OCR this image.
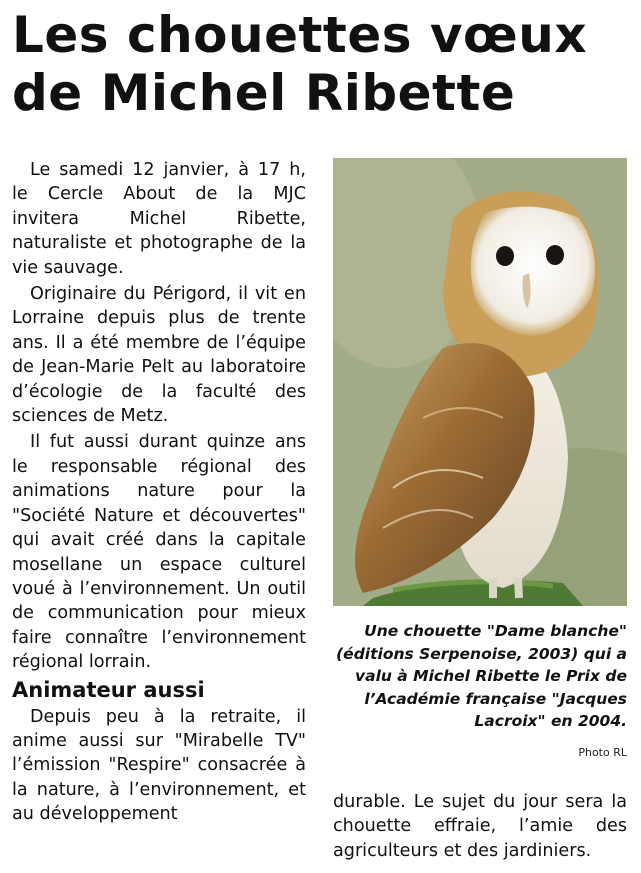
Les chouettes vœux
de Michel Ribette

Le samedi 12 janvier, à 17 h, le Cercle About de la MJC invitera Michel Ribette, naturaliste et photographe de la vie sauvage.

Originaire du Périgord, il vit en Lorraine depuis plus de trente ans. Il a été membre de l’équipe de Jean-Marie Pelt au laboratoire d’écologie de la faculté des sciences de Metz.

Il fut aussi durant quinze ans le responsable régional des animations nature pour la "Société Nature et découvertes" qui avait créé dans la capitale mosellane un espace culturel voué à l’environnement. Un outil de communication pour mieux faire connaître l’environnement régional lorrain.

Animateur aussi

Depuis peu à la retraite, il anime aussi sur "Mirabelle TV" l’émission "Respire" consacrée à la nature, à l’environnement, et au développement

Une chouette "Dame blanche" (éditions Serpenoise, 2003) qui a valu à Michel Ribette le Prix de l’Académie française "Jacques Lacroix" en 2004.
Photo RL

durable. Le sujet du jour sera la chouette effraie, l’amie des agriculteurs et des jardiniers.
